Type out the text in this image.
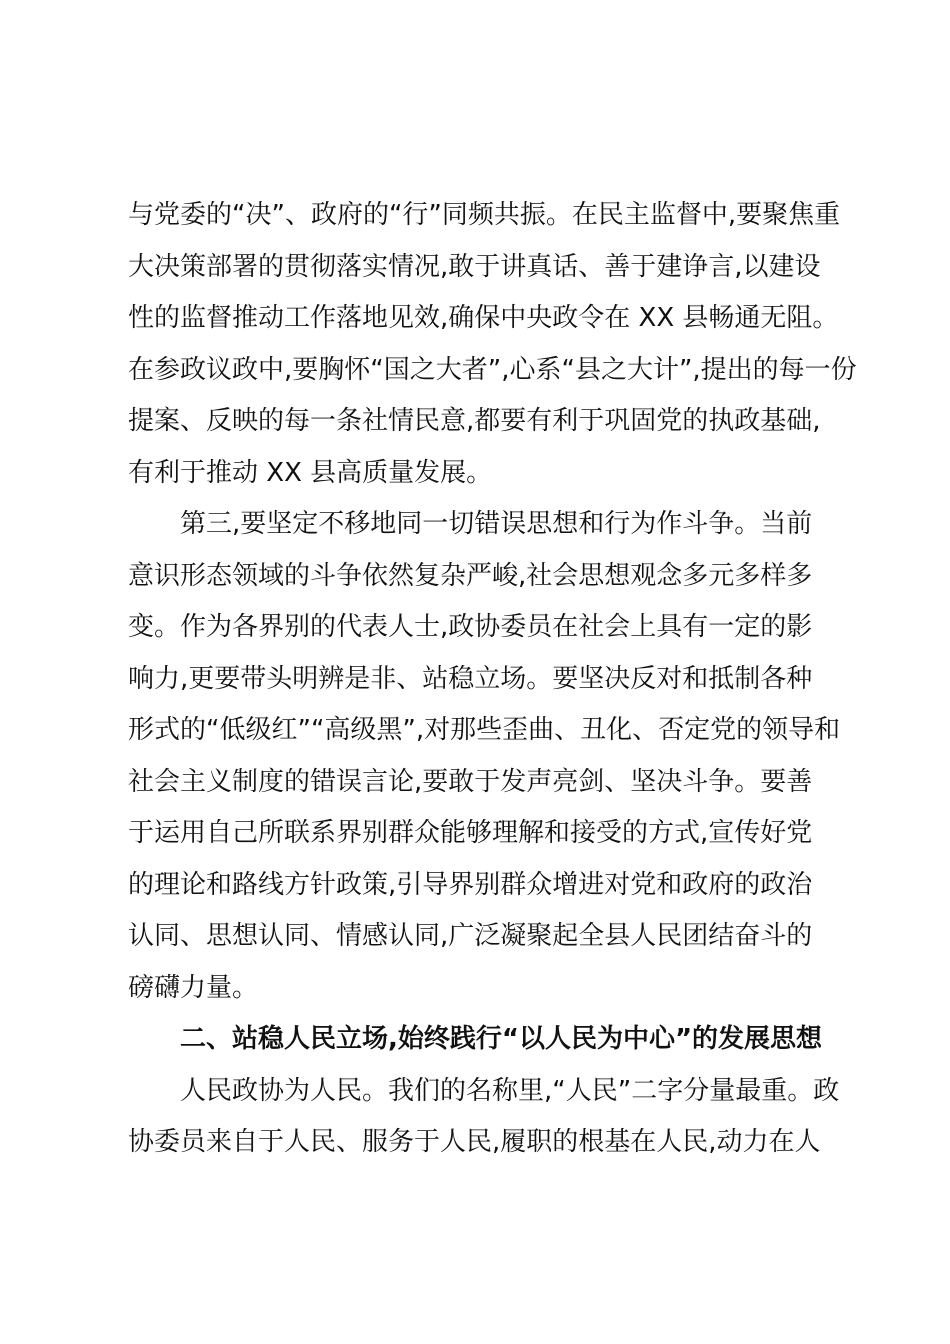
与党委的“决”、政府的“行”同频共振。在民主监督中,要聚焦重
大决策部署的贯彻落实情况,敢于讲真话、善于建诤言,以建设
性的监督推动工作落地见效,确保中央政令在 XX 县畅通无阻。
在参政议政中,要胸怀“国之大者”,心系“县之大计”,提出的每一份
提案、反映的每一条社情民意,都要有利于巩固党的执政基础,
有利于推动 XX 县高质量发展。
　　第三,要坚定不移地同一切错误思想和行为作斗争。当前
意识形态领域的斗争依然复杂严峻,社会思想观念多元多样多
变。作为各界别的代表人士,政协委员在社会上具有一定的影
响力,更要带头明辨是非、站稳立场。要坚决反对和抵制各种
形式的“低级红”“高级黑”,对那些歪曲、丑化、否定党的领导和
社会主义制度的错误言论,要敢于发声亮剑、坚决斗争。要善
于运用自己所联系界别群众能够理解和接受的方式,宣传好党
的理论和路线方针政策,引导界别群众增进对党和政府的政治
认同、思想认同、情感认同,广泛凝聚起全县人民团结奋斗的
磅礴力量。
　　二、站稳人民立场,始终践行“以人民为中心”的发展思想
　　人民政协为人民。我们的名称里,“人民”二字分量最重。政
协委员来自于人民、服务于人民,履职的根基在人民,动力在人
